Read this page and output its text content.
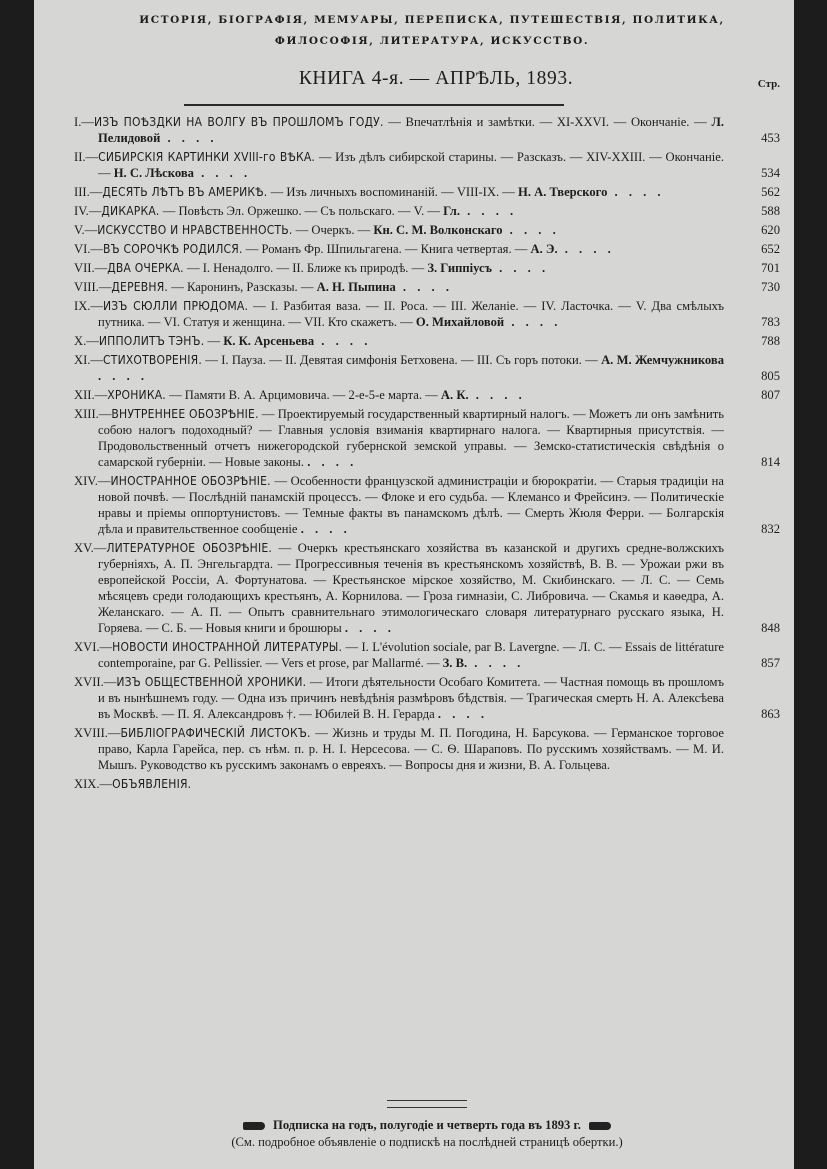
ИСТОРІЯ, БІОГРАФІЯ, МЕМУАРЫ, ПЕРЕПИСКА, ПУТЕШЕСТВІЯ, ПОЛИТИКА,
ФИЛОСОФІЯ, ЛИТЕРАТУРА, ИСКУССТВО.
КНИГА 4-я. — АПРѢЛЬ, 1893.	Стр.
I.—ИЗЪ ПОѢЗДКИ НА ВОЛГУ ВЪ ПРОШЛОМЪ ГОДУ. — Впечатлѣнія и замѣтки. — XI-XXVI. — Окончаніе. — Л. Пелидовой . . . .	453
II.—СИБИРСКІЯ КАРТИНКИ XVIII-го ВѢКА. — Изъ дѣлъ сибирской старины. — Разсказъ. — XIV-XXIII. — Окончаніе. — Н. С. Лѣскова . . . .	534
III.—ДЕСЯТЬ ЛѢТЪ ВЪ АМЕРИКѢ. — Изъ личныхъ воспоминаній. — VIII-IX. — Н. А. Тверского . . . .	562
IV.—ДИКАРКА. — Повѣсть Эл. Оржешко. — Съ польскаго. — V. — Гл. . . . .	588
V.—ИСКУССТВО И НРАВСТВЕННОСТЬ. — Очеркъ. — Кн. С. М. Волконскаго . . . .	620
VI.—ВЪ СОРОЧКѢ РОДИЛСЯ. — Романъ Фр. Шпильгагена. — Книга четвертая. — А. Э. . . . .	652
VII.—ДВА ОЧЕРКА. — I. Ненадолго. — II. Ближе къ природѣ. — З. Гиппіусъ . . . .	701
VIII.—ДЕРЕВНЯ. — Каронинъ, Разсказы. — А. Н. Пыпина . . . .	730
IX.—ИЗЪ СЮЛЛИ ПРЮДОМА. — I. Разбитая ваза. — II. Роса. — III. Желаніе. — IV. Ласточка. — V. Два смѣлыхъ путника. — VI. Статуя и женщина. — VII. Кто скажетъ. — О. Михайловой . . . .	783
X.—ИППОЛИТЪ ТЭНЪ. — К. К. Арсеньева . . . .	788
XI.—СТИХОТВОРЕНІЯ. — I. Пауза. — II. Девятая симфонія Бетховена. — III. Съ горъ потоки. — А. М. Жемчужникова . . . .	805
XII.—ХРОНИКА. — Памяти В. А. Арцимовича. — 2-е-5-е марта. — А. К. . . . .	807
XIII.—ВНУТРЕННЕЕ ОБОЗРѢНІЕ. — Проектируемый государственный квартирный налогъ. — Можетъ ли онъ замѣнить собою налогъ подоходный? — Главныя условія взиманія квартирнаго налога. — Квартирныя присутствія. — Продовольственный отчетъ нижегородской губернской земской управы. — Земско-статистическія свѣдѣнія о самарской губерніи. — Новые законы. . . . .	814
XIV.—ИНОСТРАННОЕ ОБОЗРѢНІЕ. — Особенности французской администраціи и бюрократіи. — Старыя традиціи на новой почвѣ. — Послѣдній панамскій процессъ. — Флоке и его судьба. — Клемансо и Фрейсинэ. — Политическіе нравы и пріемы оппортунистовъ. — Темные факты въ панамскомъ дѣлѣ. — Смерть Жюля Ферри. — Болгарскія дѣла и правительственное сообщеніе . . . .	832
XV.—ЛИТЕРАТУРНОЕ ОБОЗРѢНІЕ. — Очеркъ крестьянскаго хозяйства въ казанской и другихъ средне-волжскихъ губерніяхъ, А. П. Энгельгардта. — Прогрессивныя теченія въ крестьянскомъ хозяйствѣ, В. В. — Урожаи ржи въ европейской Россіи, А. Фортунатова. — Крестьянское мірское хозяйство, М. Скибинскаго. — Л. С. — Семь мѣсяцевъ среди голодающихъ крестьянъ, А. Корнилова. — Гроза гимназіи, С. Либровича. — Скамья и каѳедра, А. Желанскаго. — А. П. — Опытъ сравнительнаго этимологическаго словаря литературнаго русскаго языка, Н. Горяева. — С. Б. — Новыя книги и брошюры . . . .	848
XVI.—НОВОСТИ ИНОСТРАННОЙ ЛИТЕРАТУРЫ. — I. L'évolution sociale, par B. Lavergne. — Л. С. — Essais de littérature contemporaine, par G. Pellissier. — Vers et prose, par Mallarmé. — З. В. . . . .	857
XVII.—ИЗЪ ОБЩЕСТВЕННОЙ ХРОНИКИ. — Итоги дѣятельности Особаго Комитета. — Частная помощь въ прошломъ и въ нынѣшнемъ году. — Одна изъ причинъ невѣдѣнія размѣровъ бѣдствія. — Трагическая смерть Н. А. Алексѣева въ Москвѣ. — П. Я. Александровъ †. — Юбилей В. Н. Герарда . . . .	863
XVIII.—БИБЛІОГРАФИЧЕСКІЙ ЛИСТОКЪ. — Жизнь и труды М. П. Погодина, Н. Барсукова. — Германское торговое право, Карла Гарейса, пер. съ нѣм. п. р. Н. І. Нерсесова. — С. Ѳ. Шараповъ. По русскимъ хозяйствамъ. — М. И. Мышъ. Руководство къ русскимъ законамъ о евреяхъ. — Вопросы дня и жизни, В. А. Гольцева.
XIX.—ОБЪЯВЛЕНІЯ.
Подписка на годъ, полугодіе и четверть года въ 1893 г.
(См. подробное объявленіе о подпискѣ на послѣдней страницѣ обертки.)
